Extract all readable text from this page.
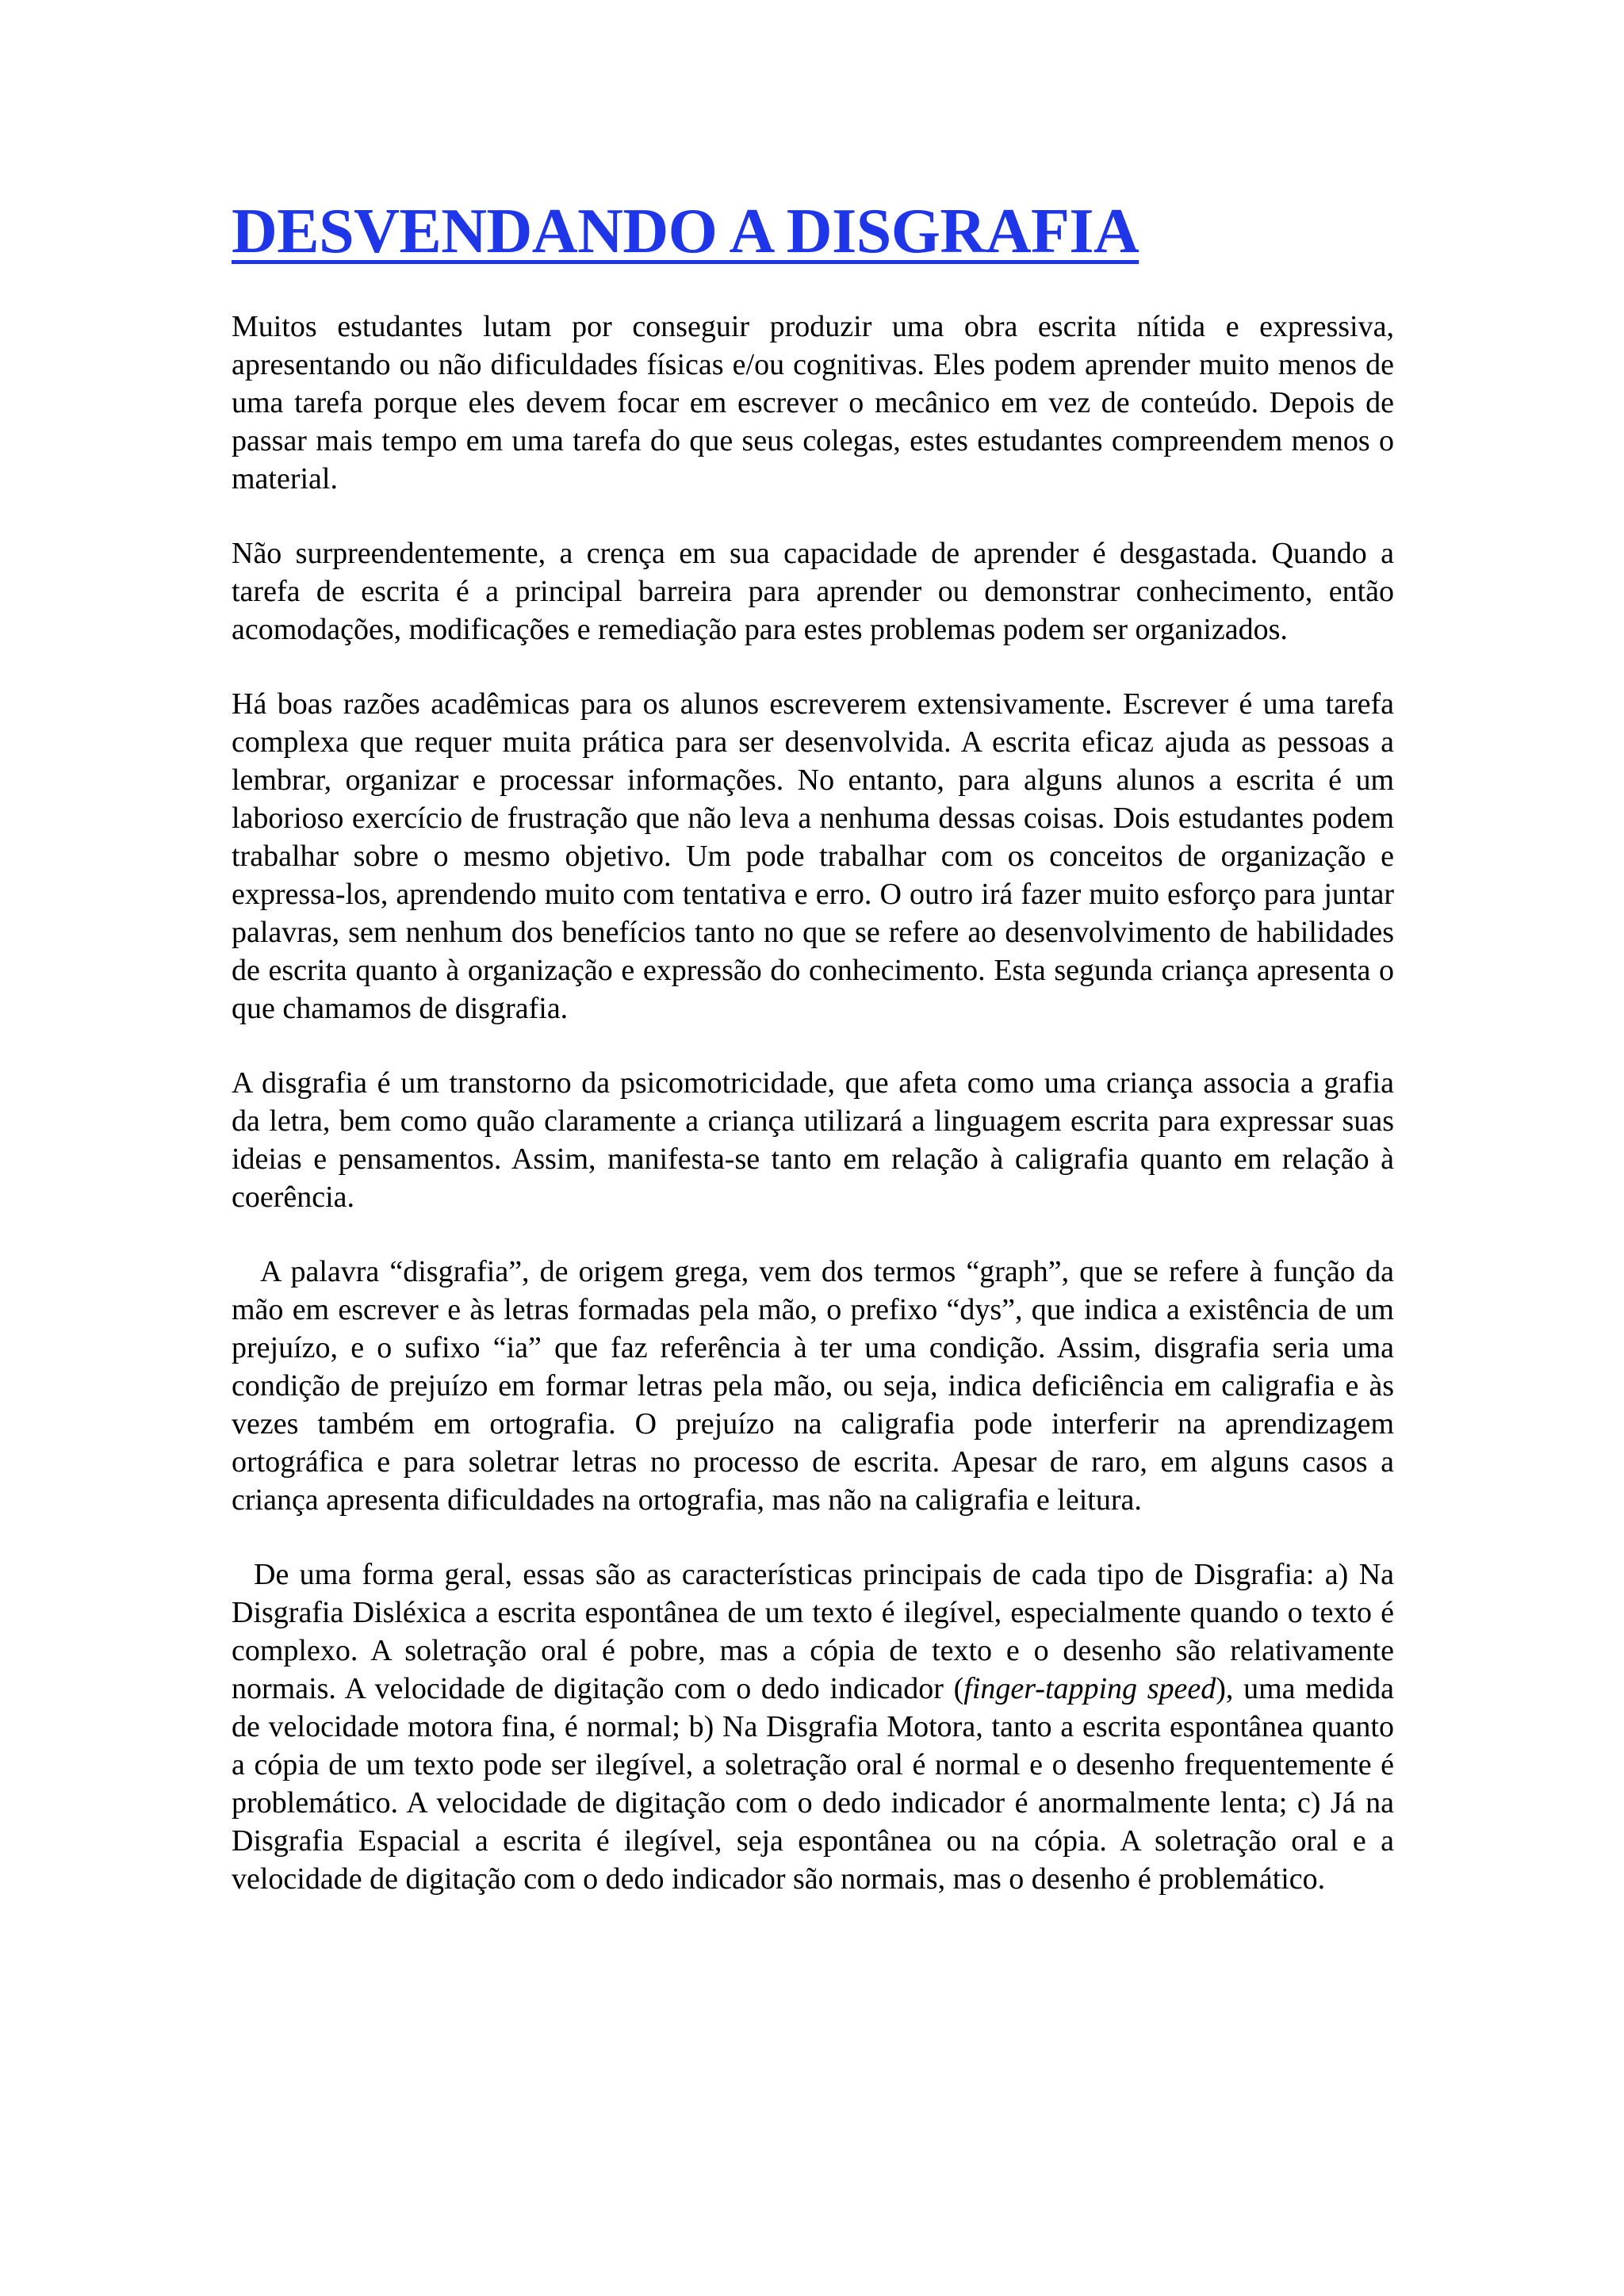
DESVENDANDO A DISGRAFIA

Muitos estudantes lutam por conseguir produzir uma obra escrita nítida e expressiva, apresentando ou não dificuldades físicas e/ou cognitivas. Eles podem aprender muito menos de uma tarefa porque eles devem focar em escrever o mecânico em vez de conteúdo. Depois de passar mais tempo em uma tarefa do que seus colegas, estes estudantes compreendem menos o material.

Não surpreendentemente, a crença em sua capacidade de aprender é desgastada. Quando a tarefa de escrita é a principal barreira para aprender ou demonstrar conhecimento, então acomodações, modificações e remediação para estes problemas podem ser organizados.

Há boas razões acadêmicas para os alunos escreverem extensivamente. Escrever é uma tarefa complexa que requer muita prática para ser desenvolvida. A escrita eficaz ajuda as pessoas a lembrar, organizar e processar informações. No entanto, para alguns alunos a escrita é um laborioso exercício de frustração que não leva a nenhuma dessas coisas. Dois estudantes podem trabalhar sobre o mesmo objetivo. Um pode trabalhar com os conceitos de organização e expressa-los, aprendendo muito com tentativa e erro. O outro irá fazer muito esforço para juntar palavras, sem nenhum dos benefícios tanto no que se refere ao desenvolvimento de habilidades de escrita quanto à organização e expressão do conhecimento. Esta segunda criança apresenta o que chamamos de disgrafia.

A disgrafia é um transtorno da psicomotricidade, que afeta como uma criança associa a grafia da letra, bem como quão claramente a criança utilizará a linguagem escrita para expressar suas ideias e pensamentos. Assim, manifesta-se tanto em relação à caligrafia quanto em relação à coerência.

A palavra “disgrafia”, de origem grega, vem dos termos “graph”, que se refere à função da mão em escrever e às letras formadas pela mão, o prefixo “dys”, que indica a existência de um prejuízo, e o sufixo “ia” que faz referência à ter uma condição. Assim, disgrafia seria uma condição de prejuízo em formar letras pela mão, ou seja, indica deficiência em caligrafia e às vezes também em ortografia. O prejuízo na caligrafia pode interferir na aprendizagem ortográfica e para soletrar letras no processo de escrita. Apesar de raro, em alguns casos a criança apresenta dificuldades na ortografia, mas não na caligrafia e leitura.

De uma forma geral, essas são as características principais de cada tipo de Disgrafia: a) Na Disgrafia Disléxica a escrita espontânea de um texto é ilegível, especialmente quando o texto é complexo. A soletração oral é pobre, mas a cópia de texto e o desenho são relativamente normais. A velocidade de digitação com o dedo indicador (finger-tapping speed), uma medida de velocidade motora fina, é normal; b) Na Disgrafia Motora, tanto a escrita espontânea quanto a cópia de um texto pode ser ilegível, a soletração oral é normal e o desenho frequentemente é problemático. A velocidade de digitação com o dedo indicador é anormalmente lenta; c) Já na Disgrafia Espacial a escrita é ilegível, seja espontânea ou na cópia. A soletração oral e a velocidade de digitação com o dedo indicador são normais, mas o desenho é problemático.
